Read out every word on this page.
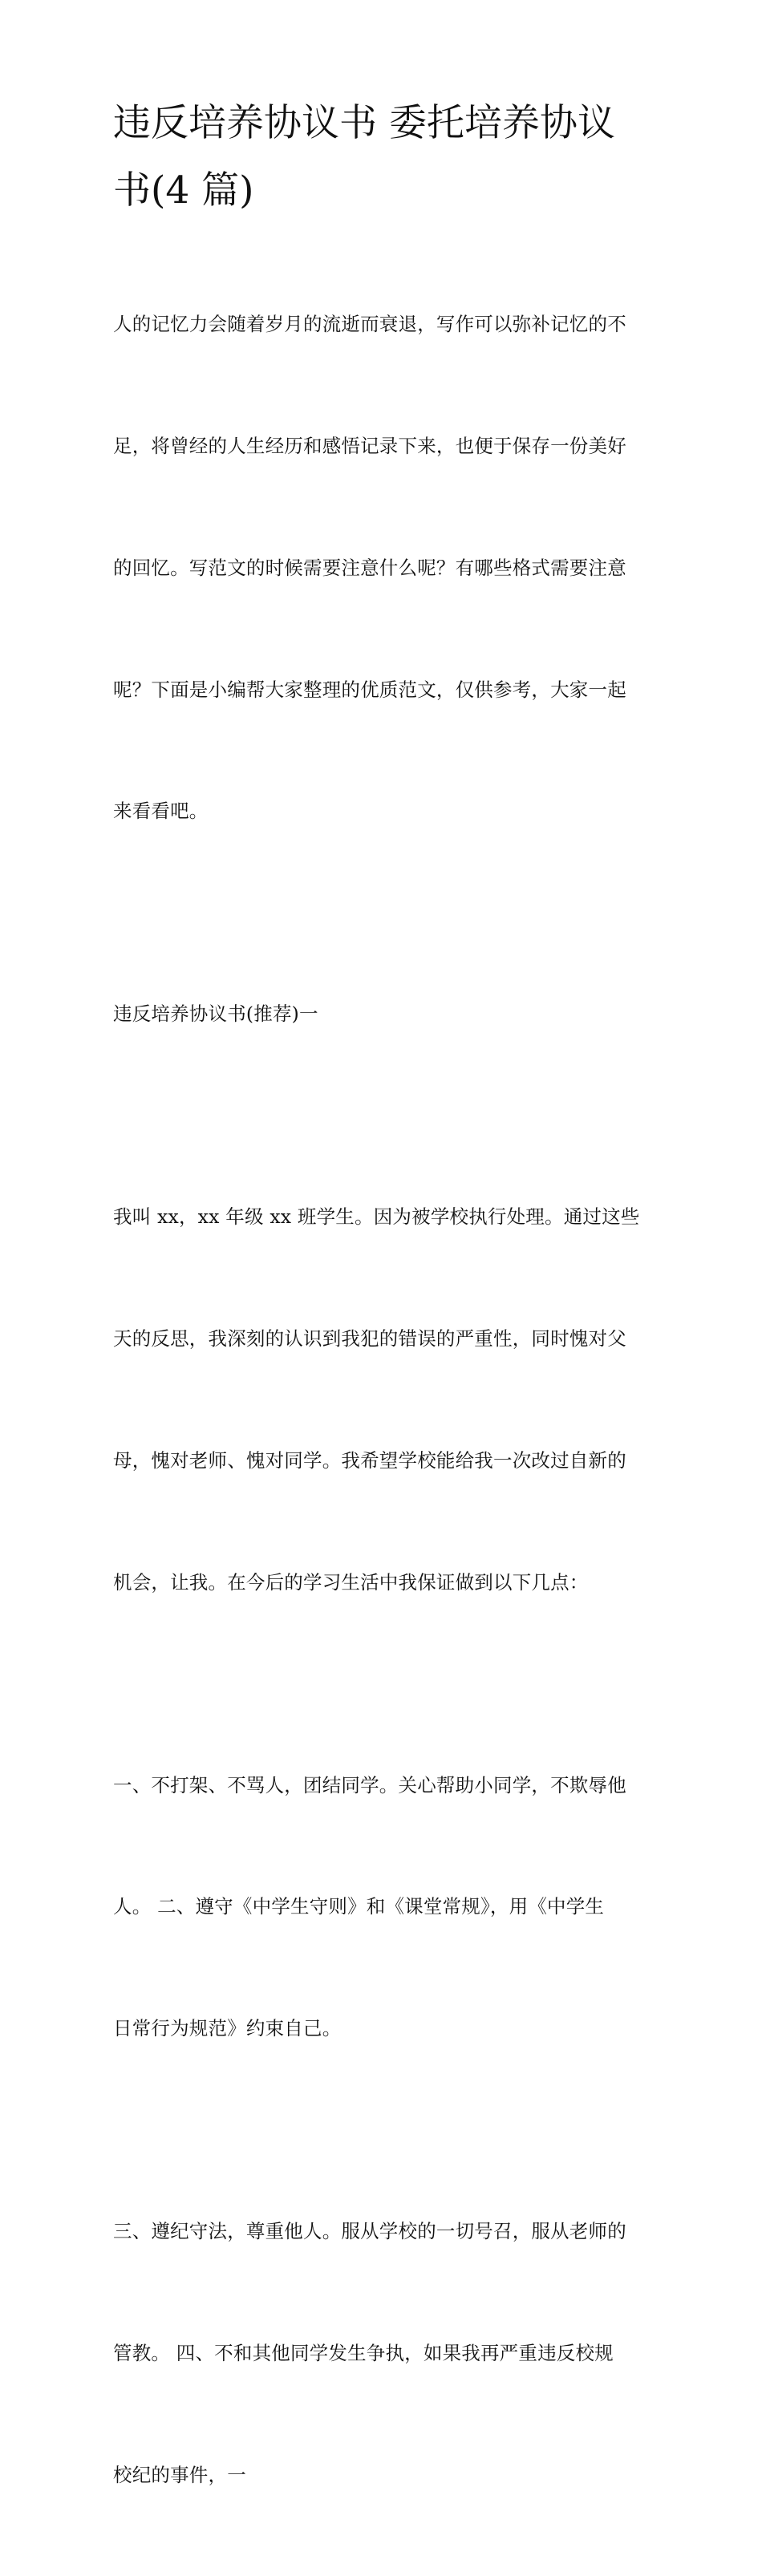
违反培养协议书 委托培养协议
书(4 篇)

人的记忆力会随着岁月的流逝而衰退，写作可以弥补记忆的不

足，将曾经的人生经历和感悟记录下来，也便于保存一份美好

的回忆。写范文的时候需要注意什么呢？有哪些格式需要注意

呢？下面是小编帮大家整理的优质范文，仅供参考，大家一起

来看看吧。

违反培养协议书(推荐)一

我叫 xx，xx 年级 xx 班学生。因为被学校执行处理。通过这些

天的反思，我深刻的认识到我犯的错误的严重性，同时愧对父

母，愧对老师、愧对同学。我希望学校能给我一次改过自新的

机会，让我。在今后的学习生活中我保证做到以下几点：

一、不打架、不骂人，团结同学。关心帮助小同学，不欺辱他

人。 二、遵守《中学生守则》和《课堂常规》，用《中学生

日常行为规范》约束自己。

三、遵纪守法，尊重他人。服从学校的一切号召，服从老师的

管教。 四、不和其他同学发生争执，如果我再严重违反校规

校纪的事件，一
